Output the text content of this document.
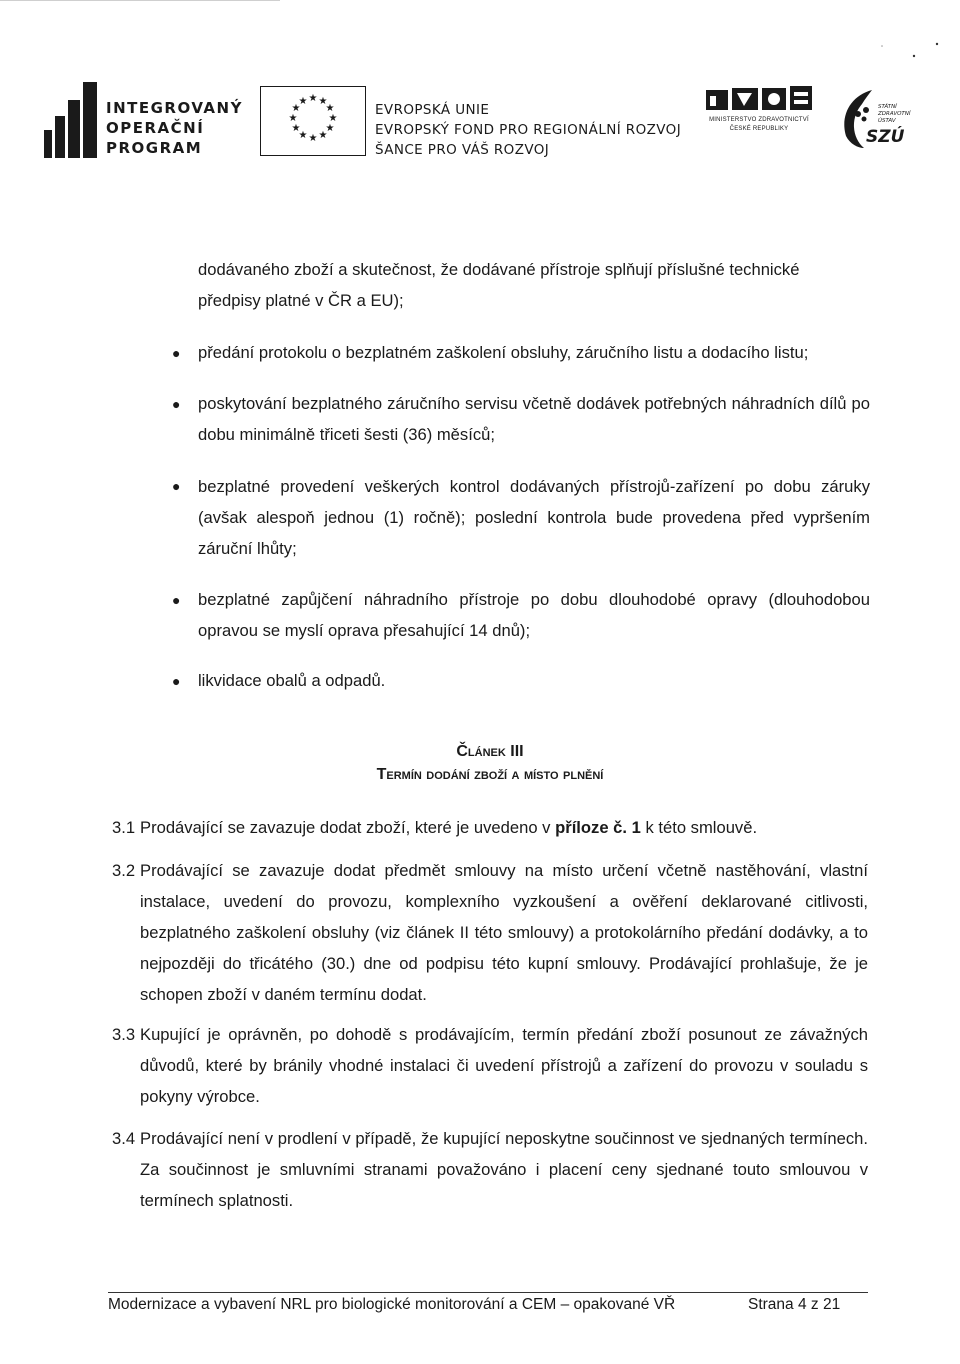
INTEGROVANÝ
OPERAČNÍ
PROGRAM
★ ★
★
★
★
★
★
★
★
★
★
★
EVROPSKÁ UNIE
EVROPSKÝ FOND PRO REGIONÁLNÍ ROZVOJ
ŠANCE PRO VÁŠ ROZVOJ
MINISTERSTVO ZDRAVOTNICTVÍ
ČESKÉ REPUBLIKY
STÁTNÍ
ZDRAVOTNÍ
ÚSTAV
SZÚ
dodávaného zboží a skutečnost, že dodávané přístroje splňují příslušné technické
předpisy platné v ČR a EU);
● předání protokolu o bezplatném zaškolení obsluhy, záručního listu a dodacího listu;
● poskytování bezplatného záručního servisu včetně dodávek potřebných náhradních dílů po dobu minimálně třiceti šesti (36) měsíců;
● bezplatné provedení veškerých kontrol dodávaných přístrojů-zařízení po dobu záruky (avšak alespoň jednou (1) ročně); poslední kontrola bude provedena před vypršením záruční lhůty;
● bezplatné zapůjčení náhradního přístroje po dobu dlouhodobé opravy (dlouhodobou opravou se myslí oprava přesahující 14 dnů);
● likvidace obalů a odpadů.
Článek III
Termín dodání zboží a místo plnění
3.1 Prodávající se zavazuje dodat zboží, které je uvedeno v příloze č. 1 k této smlouvě.
3.2 Prodávající se zavazuje dodat předmět smlouvy na místo určení včetně nastěhování, vlastní instalace, uvedení do provozu, komplexního vyzkoušení a ověření deklarované citlivosti, bezplatného zaškolení obsluhy (viz článek II této smlouvy) a protokolárního předání dodávky, a to nejpozději do třicátého (30.) dne od podpisu této kupní smlouvy. Prodávající prohlašuje, že je schopen zboží v daném termínu dodat.
3.3 Kupující je oprávněn, po dohodě s prodávajícím, termín předání zboží posunout ze závažných důvodů, které by bránily vhodné instalaci či uvedení přístrojů a zařízení do provozu v souladu s pokyny výrobce.
3.4 Prodávající není v prodlení v případě, že kupující neposkytne součinnost ve sjednaných termínech. Za součinnost je smluvními stranami považováno i placení ceny sjednané touto smlouvou v termínech splatnosti.
Modernizace a vybavení NRL pro biologické monitorování a CEM – opakované VŘ	Strana 4 z 21
